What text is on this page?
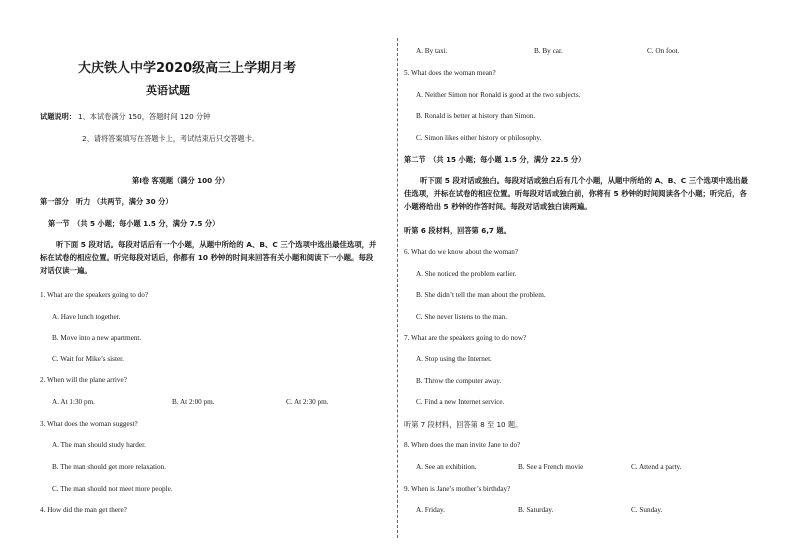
大庆铁人中学2020级高三上学期月考
英语试题
试题说明： 1、本试卷满分 150，答题时间 120 分钟
2、请将答案填写在答题卡上，考试结束后只交答题卡。
第Ⅰ卷 客观题（满分 100 分）
第一部分　听力 （共两节，满分 30 分）
第一节　（共 5 小题；每小题 1.5 分，满分 7.5 分）
听下面 5 段对话。每段对话后有一个小题，从题中所给的 A、B、C 三个选项中选出最佳选项，并标在试卷的相应位置。听完每段对话后，你都有 10 秒钟的时间来回答有关小题和阅读下一小题。每段对话仅读一遍。
1. What are the speakers going to do?
A. Have lunch together.
B. Move into a new apartment.
C. Wait for Mike’s sister.
2. When will the plane arrive?
A. At 1:30 pm.	B. At 2:00 pm.	C. At 2:30 pm.
3. What does the woman suggest?
A. The man should study harder.
B. The man should get more relaxation.
C. The man should not meet more people.
4. How did the man get there?
A. By taxi.	B. By car.	C. On foot.
5. What does the woman mean?
A. Neither Simon nor Ronald is good at the two subjects.
B. Ronald is better at history than Simon.
C. Simon likes either history or philosophy.
第二节　（共 15 小题；每小题 1.5 分，满分 22.5 分）
听下面 5 段对话或独白。每段对话或独白后有几个小题，从题中所给的 A、B、C 三个选项中选出最佳选项，并标在试卷的相应位置。听每段对话或独白前，你将有 5 秒钟的时间阅读各个小题；听完后，各小题将给出 5 秒钟的作答时间。每段对话或独白读两遍。
听第 6 段材料，回答第 6,7 题。
6. What do we know about the woman?
A. She noticed the problem earlier.
B. She didn’t tell the man about the problem.
C. She never listens to the man.
7. What are the speakers going to do now?
A. Stop using the Internet.
B. Throw the computer away.
C. Find a new Internet service.
听第 7 段材料，回答第 8 至 10 题。
8. When does the man invite Jane to do?
A. See an exhibition.	B. See a French movie	C. Attend a party.
9. When is Jane’s mother’s birthday?
A. Friday.	B. Saturday.	C. Sunday.
